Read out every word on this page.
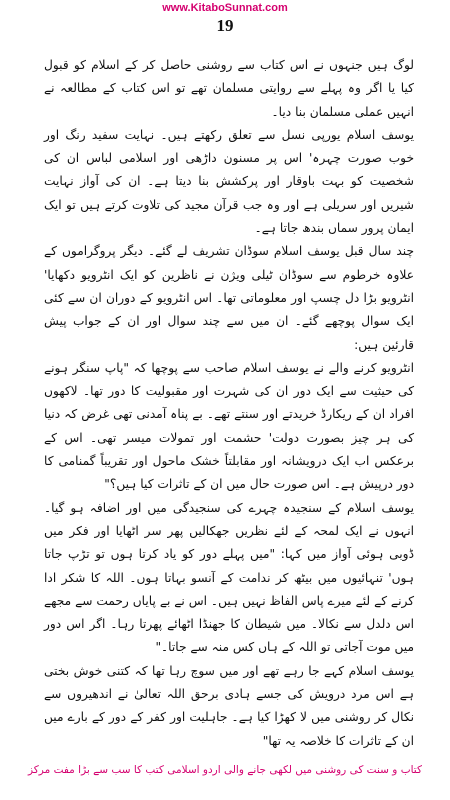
www.KitaboSunnat.com
19

لوگ ہیں جنہوں نے اس کتاب سے روشنی حاصل کر کے اسلام کو قبول کیا یا اگر وہ پہلے سے روایتی مسلمان تھے تو اس کتاب کے مطالعہ نے انہیں عملی مسلمان بنا دیا۔

یوسف اسلام یورپی نسل سے تعلق رکھتے ہیں۔ نہایت سفید رنگ اور خوب صورت چہرہ' اس پر مسنون داڑھی اور اسلامی لباس ان کی شخصیت کو بہت باوقار اور پرکشش بنا دیتا ہے۔ ان کی آواز نہایت شیریں اور سریلی ہے اور وہ جب قرآن مجید کی تلاوت کرتے ہیں تو ایک ایمان پرور سماں بندھ جاتا ہے۔

چند سال قبل یوسف اسلام سوڈان تشریف لے گئے۔ دیگر پروگراموں کے علاوہ خرطوم سے سوڈان ٹیلی ویژن نے ناظرین کو ایک انٹرویو دکھایا' انٹرویو بڑا دل چسپ اور معلوماتی تھا۔ اس انٹرویو کے دوران ان سے کئی ایک سوال پوچھے گئے۔ ان میں سے چند سوال اور ان کے جواب پیش قارئین ہیں:

انٹرویو کرنے والے نے یوسف اسلام صاحب سے پوچھا کہ "پاپ سنگر ہونے کی حیثیت سے ایک دور ان کی شہرت اور مقبولیت کا دور تھا۔ لاکھوں افراد ان کے ریکارڈ خریدتے اور سنتے تھے۔ بے پناہ آمدنی تھی غرض کہ دنیا کی ہر چیز بصورت دولت' حشمت اور تمولات میسر تھی۔ اس کے برعکس اب ایک درویشانہ اور مقابلتاً خشک ماحول اور تقریباً گمنامی کا دور درپیش ہے۔ اس صورت حال میں ان کے تاثرات کیا ہیں؟"

یوسف اسلام کے سنجیدہ چہرے کی سنجیدگی میں اور اضافہ ہو گیا۔ انہوں نے ایک لمحہ کے لئے نظریں جھکالیں پھر سر اٹھایا اور فکر میں ڈوبی ہوئی آواز میں کہا: "میں پہلے دور کو یاد کرتا ہوں تو تڑپ جاتا ہوں' تنہائیوں میں بیٹھ کر ندامت کے آنسو بہاتا ہوں۔ اللہ کا شکر ادا کرنے کے لئے میرے پاس الفاظ نہیں ہیں۔ اس نے بے پایاں رحمت سے مجھے اس دلدل سے نکالا۔ میں شیطان کا جھنڈا اٹھائے پھرتا رہا۔ اگر اس دور میں موت آجاتی تو اللہ کے ہاں کس منہ سے جاتا۔"

یوسف اسلام کہے جا رہے تھے اور میں سوچ رہا تھا کہ کتنی خوش بختی ہے اس مرد درویش کی جسے ہادی برحق اللہ تعالیٰ نے اندھیروں سے نکال کر روشنی میں لا کھڑا کیا ہے۔ جاہلیت اور کفر کے دور کے بارے میں ان کے تاثرات کا خلاصہ یہ تھا"

کتاب و سنت کی روشنی میں لکھی جانے والی اردو اسلامی کتب کا سب سے بڑا مفت مرکز
